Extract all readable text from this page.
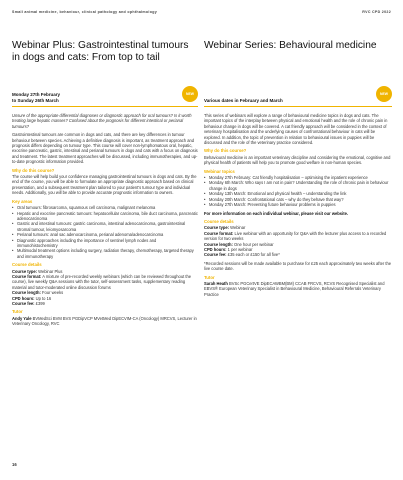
Small animal medicine, behaviour, clinical pathology and ophthalmology	RVC CPD 2022
Webinar Plus: Gastrointestinal tumours in dogs and cats: From top to tail
Monday 27th February
to Sunday 26th March
NEW

Unsure of the appropriate differential diagnoses or diagnostic approach for oral tumours? Is it worth treating large hepatic masses? Confused about the prognosis for different intestinal or perianal tumours?

Gastrointestinal tumours are common in dogs and cats, and there are key differences in tumour behaviour between species. Achieving a definitive diagnosis is important, as treatment approach and prognosis differs depending on tumour type. This course will cover non-lymphomatous oral, hepatic, exocrine pancreatic, gastric, intestinal and perianal tumours in dogs and cats with a focus on diagnosis and treatment. The latest treatment approaches will be discussed, including immunotherapies, and up-to-date prognostic information provided.

Why do this course?

The course will help build your confidence managing gastrointestinal tumours in dogs and cats. By the end of the course, you will be able to formulate an appropriate diagnostic approach based on clinical presentation, and a subsequent treatment plan tailored to your patient's tumour type and individual needs. Additionally, you will be able to provide accurate prognostic information to owners.

Key areas
• Oral tumours: fibrosarcoma, squamous cell carcinoma, malignant melanoma
• Hepatic and exocrine pancreatic tumours: hepatocellular carcinoma, bile duct carcinoma, pancreatic adenocarcinoma
• Gastric and intestinal tumours: gastric carcinoma, intestinal adenocarcinoma, gastrointestinal stromal tumour, leiomyosarcoma
• Perianal tumours: anal sac adenocarcinoma, perianal adenoma/adenocarcinoma
• Diagnostic approaches including the importance of sentinel lymph nodes and immunohistochemistry
• Multimodal treatment options including surgery, radiation therapy, chemotherapy, targeted therapy and immunotherapy
Course details
Course type: Webinar Plus
Course format: A mixture of pre-recorded weekly webinars (which can be reviewed throughout the course), live weekly Q&A sessions with the tutor, self-assessment tasks, supplementary reading material and tutor-moderated online discussion forums
Course length: Four weeks
CPD hours: Up to 16
Course fee: £399
Tutor

Andy Yale BVMedSci BVM BVS PGDipVCP MVetMed DipECVIM-CA (Oncology) MRCVS, Lecturer in Veterinary Oncology, RVC

Webinar Series: Behavioural medicine
Various dates in February and March
NEW

This series of webinars will explore a range of behavioural medicine topics in dogs and cats. The important topics of the interplay between physical and emotional health and the role of chronic pain in behaviour change in dogs will be covered. A cat friendly approach will be considered in the context of veterinary hospitalisation and the underlying causes of confrontational behaviour in cats will be explored. In addition, the topic of prevention in relation to behavioural issues in puppies will be discussed and the role of the veterinary practice considered.

Why do this course?

Behavioural medicine is an important veterinary discipline and considering the emotional, cognitive and physical health of patients will help you to promote good welfare in non-human species.

Webinar topics
• Monday 27th February: Cat friendly hospitalisation – optimising the inpatient experience
• Monday 6th March: Who says I am not in pain? Understanding the role of chronic pain in behaviour change in dogs
• Monday 13th March: Emotional and physical health – understanding the link
• Monday 20th March: Confrontational cats – why do they behave that way?
• Monday 27th March: Preventing future behaviour problems in puppies

For more information on each individual webinar, please visit our website.

Course details
Course type: Webinar
Course format: Live webinar with an opportunity for Q&A with the lecturer plus access to a recorded version for two weeks
Course length: One hour per webinar
CPD hours: 1 per webinar
Course fee: £35 each or £150 for all five*

*Recorded sessions will be made available to purchase for £25 each approximately two weeks after the live course date.

Tutor

Sarah Heath BVSc PGCertVE DipECAWBM(BM) CCAB FRCVS, RCVS Recognised Specialist and EBVS® European Veterinary Specialist in Behavioural Medicine, Behavioural Referrals Veterinary Practice

16
